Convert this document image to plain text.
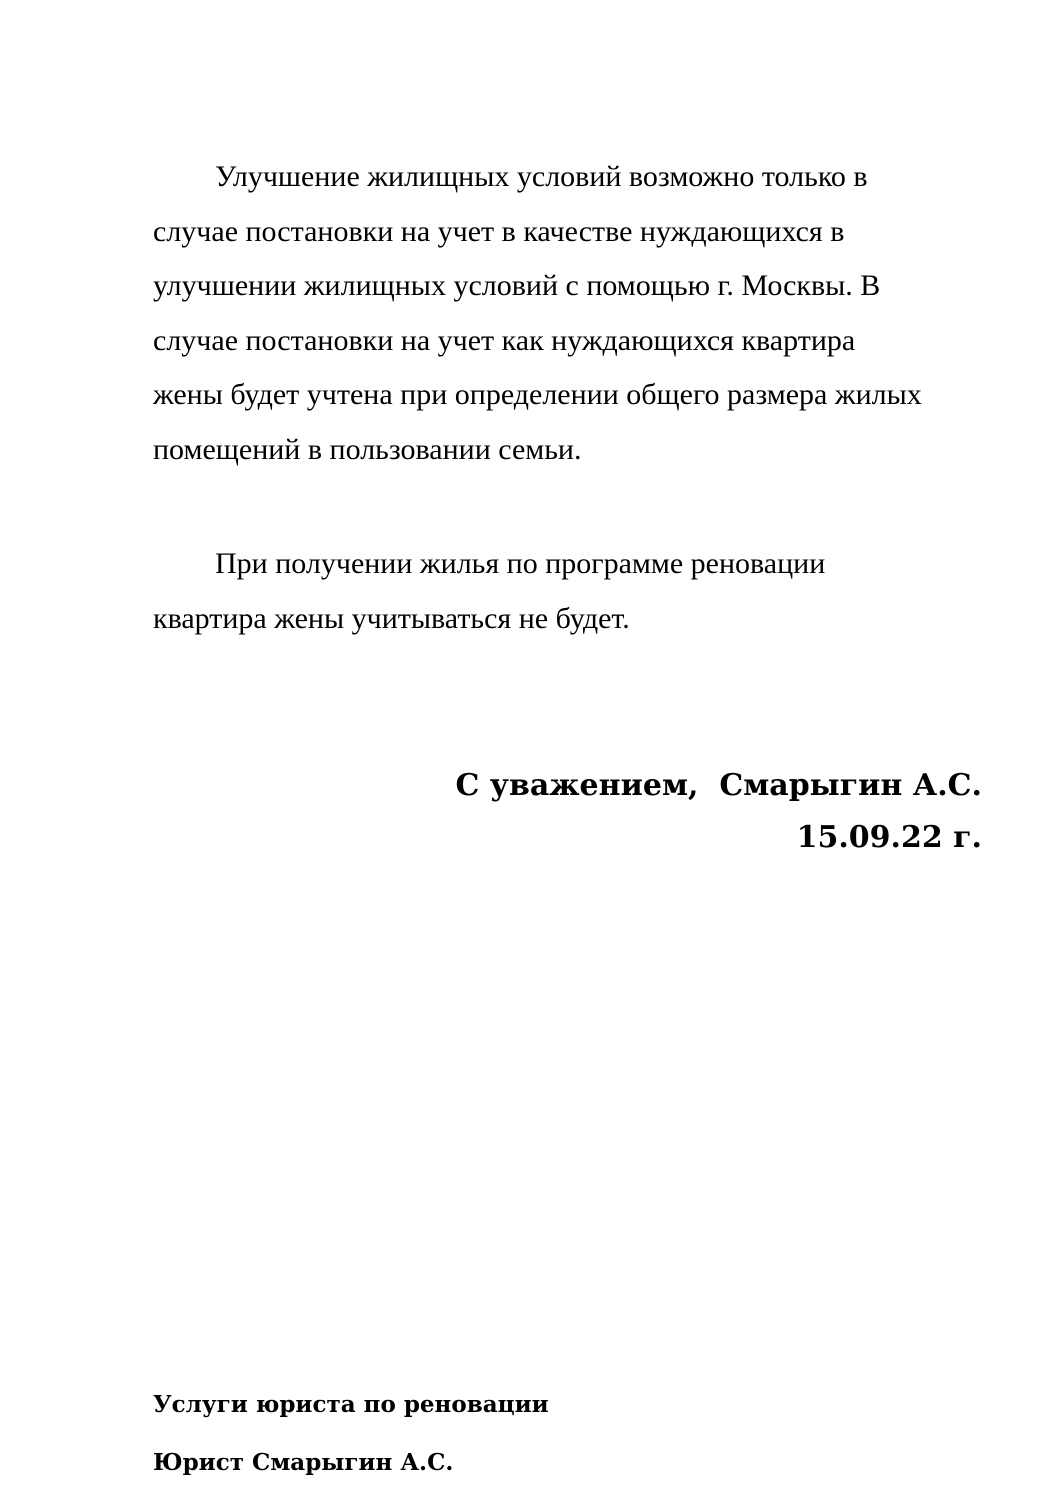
Улучшение жилищных условий возможно только в
случае постановки на учет в качестве нуждающихся в
улучшении жилищных условий с помощью г. Москвы. В
случае постановки на учет как нуждающихся квартира
жены будет учтена при определении общего размера жилых
помещений в пользовании семьи.

При получении жилья по программе реновации
квартира жены учитываться не будет.

С уважением,  Смарыгин А.С.
15.09.22 г.
Услуги юриста по реновации
Юрист Смарыгин А.С.
